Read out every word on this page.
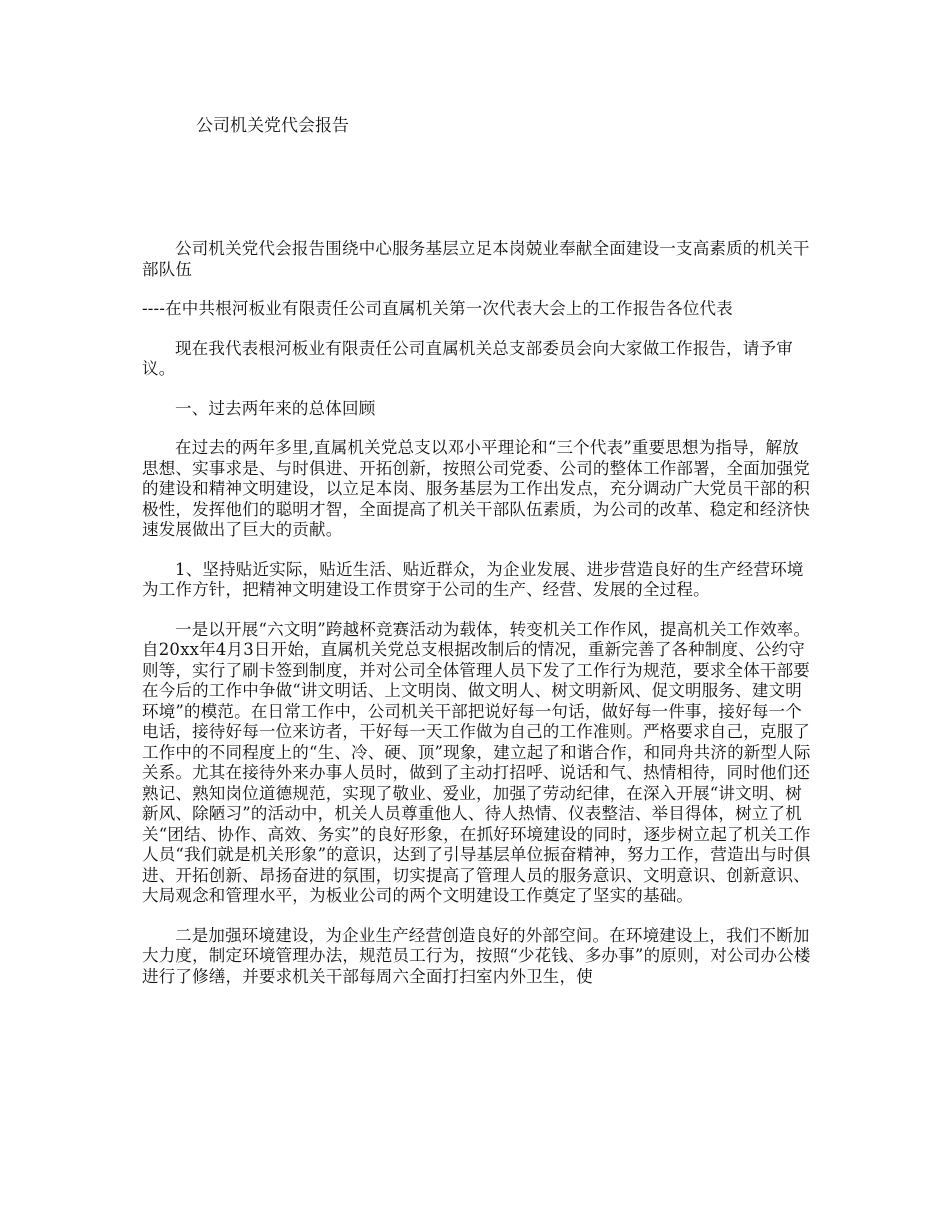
公司机关党代会报告

公司机关党代会报告围绕中心服务基层立足本岗兢业奉献全面建设一支高素质的机关干部队伍

----在中共根河板业有限责任公司直属机关第一次代表大会上的工作报告各位代表

现在我代表根河板业有限责任公司直属机关总支部委员会向大家做工作报告，请予审议。

一、过去两年来的总体回顾

在过去的两年多里,直属机关党总支以邓小平理论和“三个代表”重要思想为指导，解放思想、实事求是、与时俱进、开拓创新，按照公司党委、公司的整体工作部署，全面加强党的建设和精神文明建设，以立足本岗、服务基层为工作出发点，充分调动广大党员干部的积极性，发挥他们的聪明才智，全面提高了机关干部队伍素质，为公司的改革、稳定和经济快速发展做出了巨大的贡献。

1、坚持贴近实际，贴近生活、贴近群众，为企业发展、进步营造良好的生产经营环境为工作方针，把精神文明建设工作贯穿于公司的生产、经营、发展的全过程。

一是以开展“六文明”跨越杯竞赛活动为载体，转变机关工作作风，提高机关工作效率。自20xx年4月3日开始，直属机关党总支根据改制后的情况，重新完善了各种制度、公约守则等，实行了刷卡签到制度，并对公司全体管理人员下发了工作行为规范，要求全体干部要在今后的工作中争做“讲文明话、上文明岗、做文明人、树文明新风、促文明服务、建文明环境”的模范。在日常工作中，公司机关干部把说好每一句话，做好每一件事，接好每一个电话，接待好每一位来访者，干好每一天工作做为自己的工作准则。严格要求自己，克服了工作中的不同程度上的“生、冷、硬、顶”现象，建立起了和谐合作，和同舟共济的新型人际关系。尤其在接待外来办事人员时，做到了主动打招呼、说话和气、热情相待，同时他们还熟记、熟知岗位道德规范，实现了敬业、爱业，加强了劳动纪律，在深入开展“讲文明、树新风、除陋习”的活动中，机关人员尊重他人、待人热情、仪表整洁、举目得体，树立了机关“团结、协作、高效、务实”的良好形象，在抓好环境建设的同时，逐步树立起了机关工作人员“我们就是机关形象”的意识，达到了引导基层单位振奋精神，努力工作，营造出与时俱进、开拓创新、昂扬奋进的氛围，切实提高了管理人员的服务意识、文明意识、创新意识、大局观念和管理水平，为板业公司的两个文明建设工作奠定了坚实的基础。

二是加强环境建设，为企业生产经营创造良好的外部空间。在环境建设上，我们不断加大力度，制定环境管理办法，规范员工行为，按照“少花钱、多办事”的原则，对公司办公楼进行了修缮，并要求机关干部每周六全面打扫室内外卫生，使
